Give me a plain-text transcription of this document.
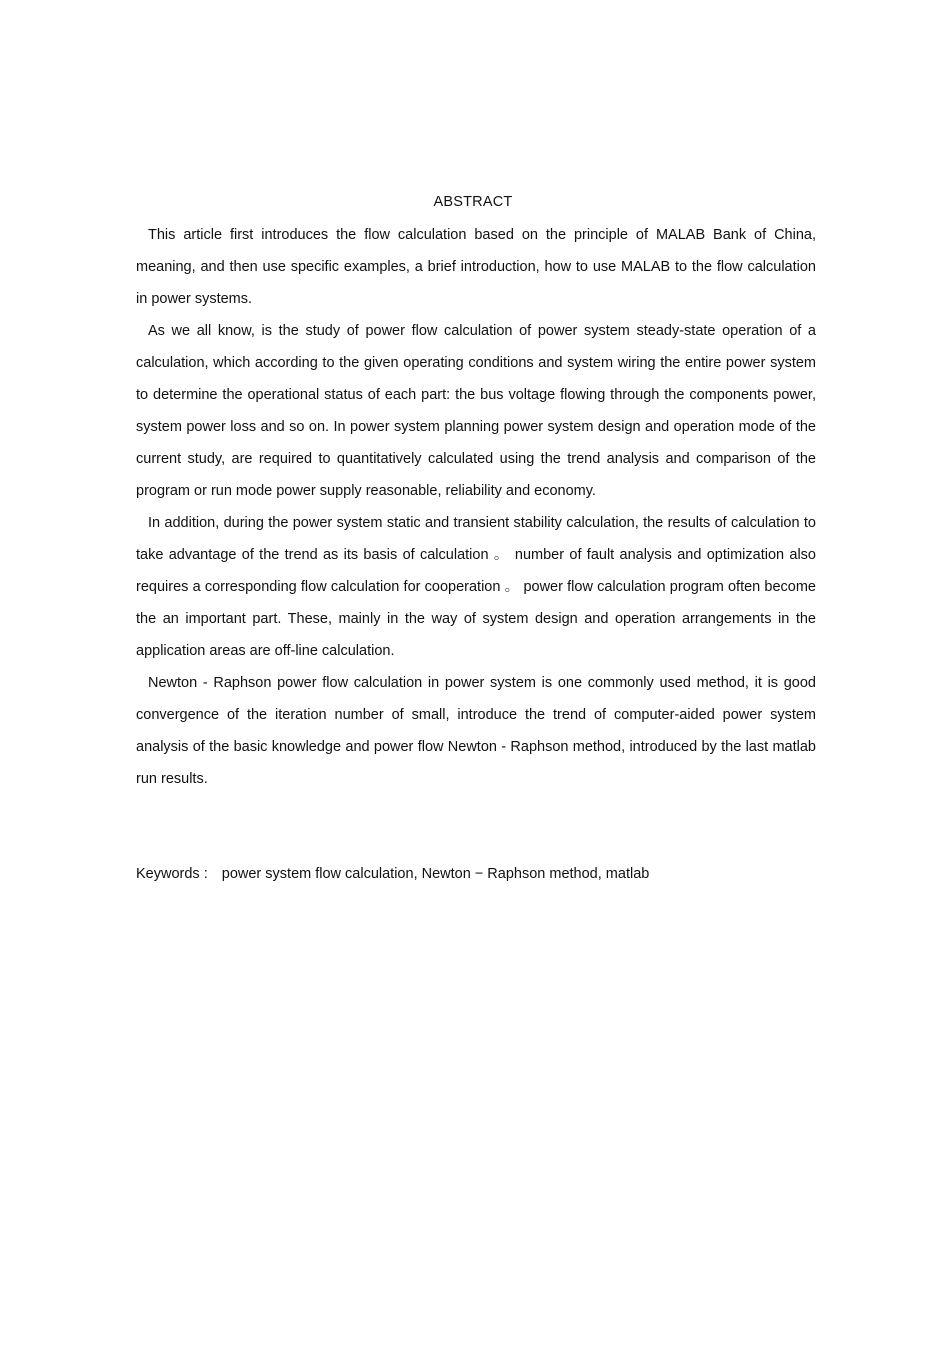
ABSTRACT

This article first introduces the flow calculation based on the principle of MALAB Bank of China, meaning, and then use specific examples, a brief introduction, how to use MALAB to the flow calculation in power systems.

As we all know, is the study of power flow calculation of power system steady-state operation of a calculation, which according to the given operating conditions and system wiring the entire power system to determine the operational status of each part: the bus voltage flowing through the components power, system power loss and so on. In power system planning power system design and operation mode of the current study, are required to quantitatively calculated using the trend analysis and comparison of the program or run mode power supply reasonable, reliability and economy.

In addition, during the power system static and transient stability calculation, the results of calculation to take advantage of the trend as its basis of calculation 。 number of fault analysis and optimization also requires a corresponding flow calculation for cooperation 。 power flow calculation program often become the an important part. These, mainly in the way of system design and operation arrangements in the application areas are off-line calculation.

Newton - Raphson power flow calculation in power system is one commonly used method, it is good convergence of the iteration number of small, introduce the trend of computer-aided power system analysis of the basic knowledge and power flow Newton - Raphson method, introduced by the last matlab run results.

Keywords : power system flow calculation, Newton − Raphson method, matlab
